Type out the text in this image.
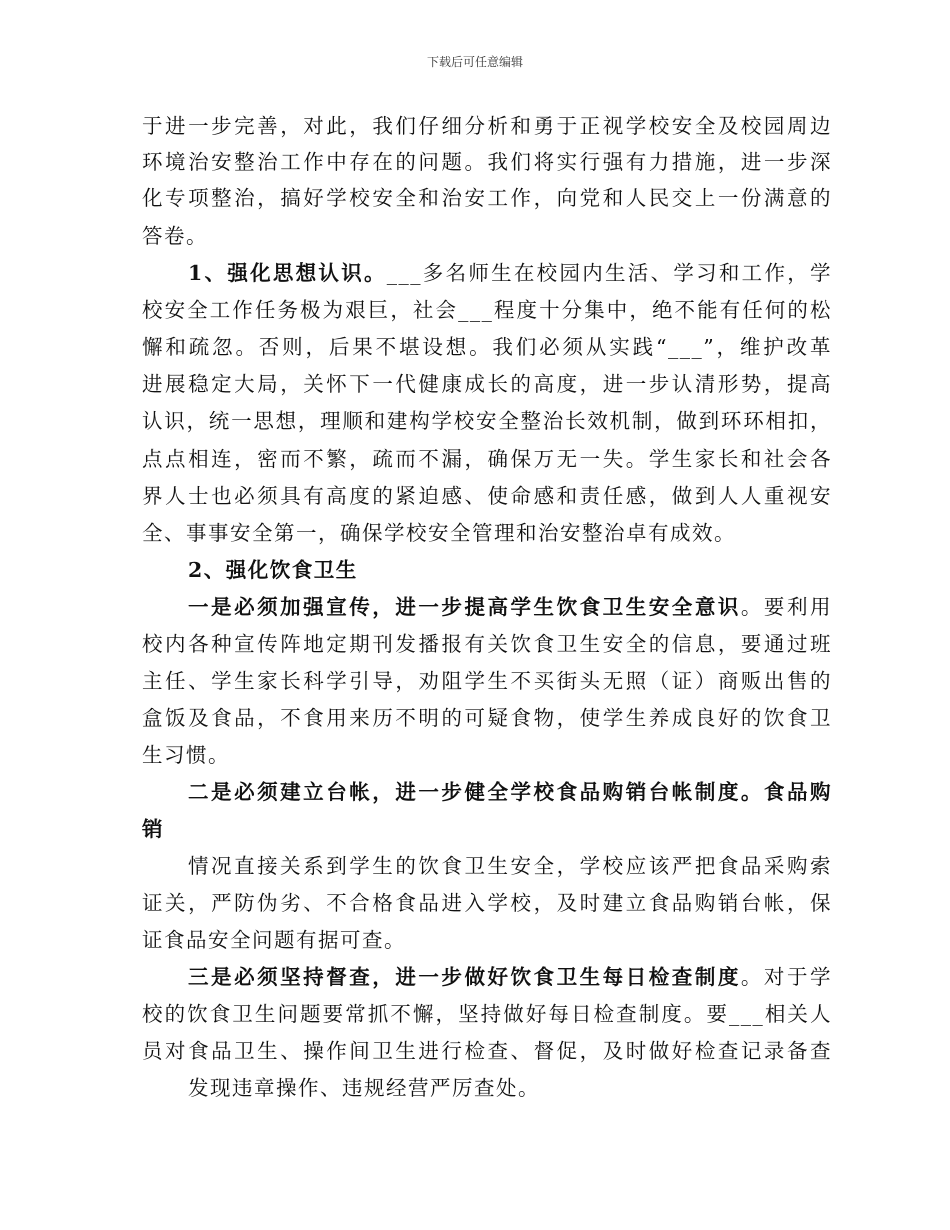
下载后可任意编辑
于进一步完善，对此，我们仔细分析和勇于正视学校安全及校园周边
环境治安整治工作中存在的问题。我们将实行强有力措施，进一步深
化专项整治，搞好学校安全和治安工作，向党和人民交上一份满意的
答卷。
1、强化思想认识。___多名师生在校园内生活、学习和工作，学
校安全工作任务极为艰巨，社会___程度十分集中，绝不能有任何的松
懈和疏忽。否则，后果不堪设想。我们必须从实践“___”，维护改革
进展稳定大局，关怀下一代健康成长的高度，进一步认清形势，提高
认识，统一思想，理顺和建构学校安全整治长效机制，做到环环相扣，
点点相连，密而不繁，疏而不漏，确保万无一失。学生家长和社会各
界人士也必须具有高度的紧迫感、使命感和责任感，做到人人重视安
全、事事安全第一，确保学校安全管理和治安整治卓有成效。
2、强化饮食卫生
一是必须加强宣传，进一步提高学生饮食卫生安全意识。要利用
校内各种宣传阵地定期刊发播报有关饮食卫生安全的信息，要通过班
主任、学生家长科学引导，劝阻学生不买街头无照（证）商贩出售的
盒饭及食品，不食用来历不明的可疑食物，使学生养成良好的饮食卫
生习惯。
二是必须建立台帐，进一步健全学校食品购销台帐制度。食品购
销
情况直接关系到学生的饮食卫生安全，学校应该严把食品采购索
证关，严防伪劣、不合格食品进入学校，及时建立食品购销台帐，保
证食品安全问题有据可查。
三是必须坚持督查，进一步做好饮食卫生每日检查制度。对于学
校的饮食卫生问题要常抓不懈，坚持做好每日检查制度。要___相关人
员对食品卫生、操作间卫生进行检查、督促，及时做好检查记录备查
发现违章操作、违规经营严厉查处。
